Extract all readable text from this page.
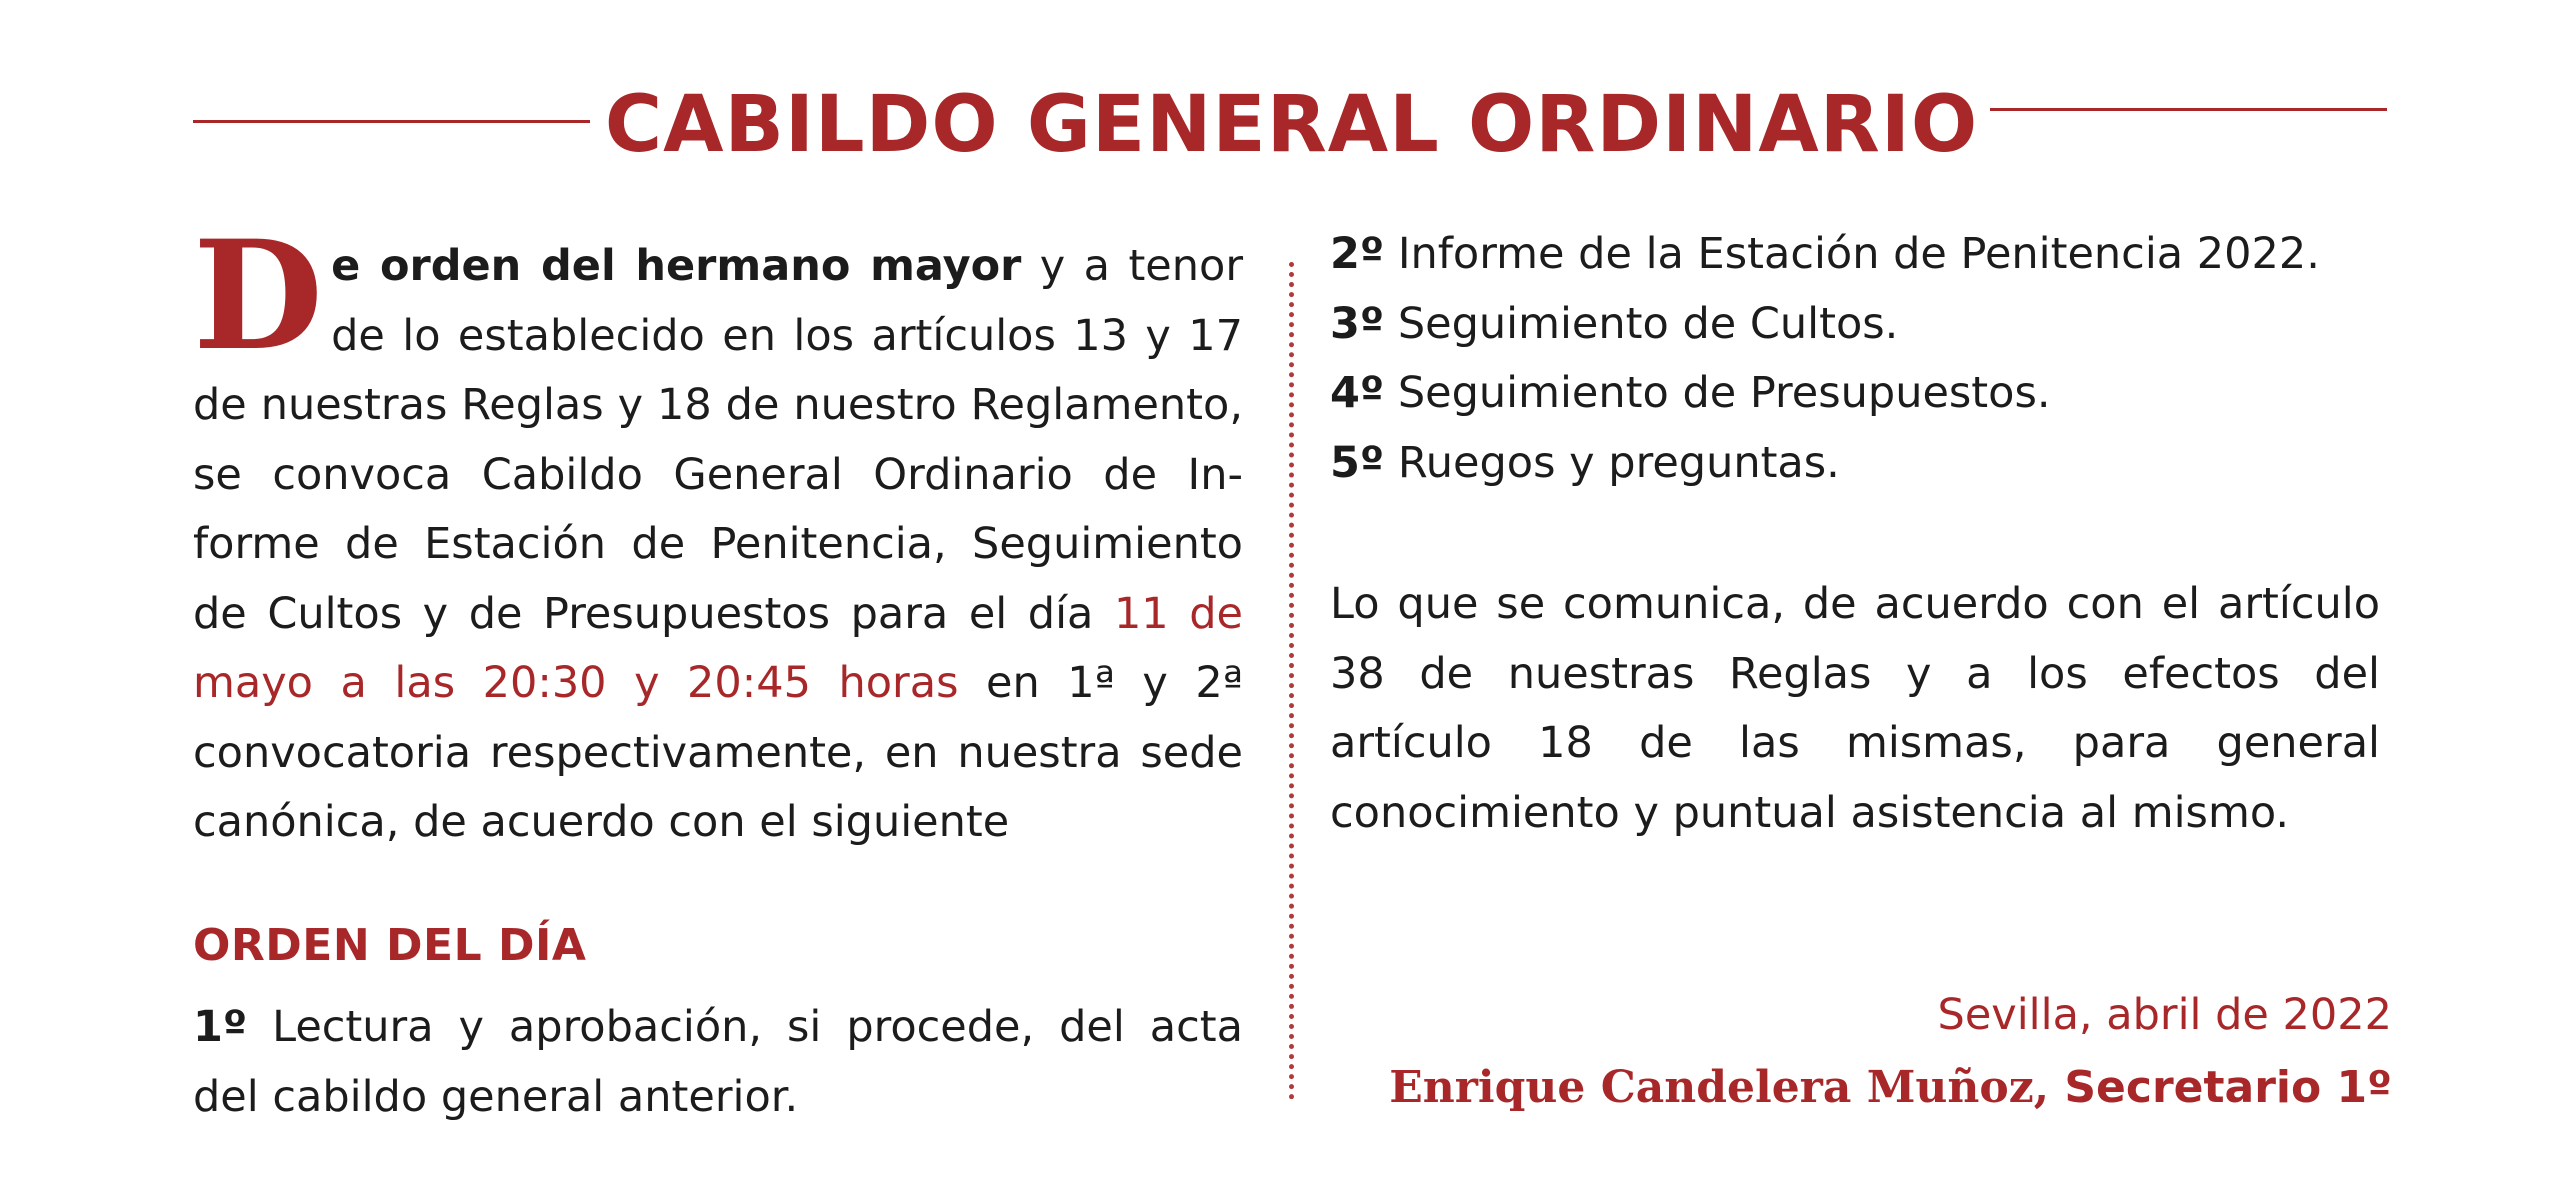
CABILDO GENERAL ORDINARIO

De orden del hermano mayor y a tenor de lo establecido en los artículos 13 y 17 de nuestras Reglas y 18 de nuestro Reglamento, se convoca Cabildo General Ordinario de Informe de Estación de Penitencia, Seguimiento de Cultos y de Presupuestos para el día 11 de mayo a las 20:30 y 20:45 horas en 1ª y 2ª convocatoria respectivamente, en nuestra sede canónica, de acuerdo con el siguiente

ORDEN DEL DÍA

1º Lectura y aprobación, si procede, del acta del cabildo general anterior.

2º Informe de la Estación de Penitencia 2022.
3º Seguimiento de Cultos.
4º Seguimiento de Presupuestos.
5º Ruegos y preguntas.

Lo que se comunica, de acuerdo con el artículo 38 de nuestras Reglas y a los efectos del artículo 18 de las mismas, para general conocimiento y puntual asistencia al mismo.

Sevilla, abril de 2022
Enrique Candelera Muñoz, Secretario 1º
